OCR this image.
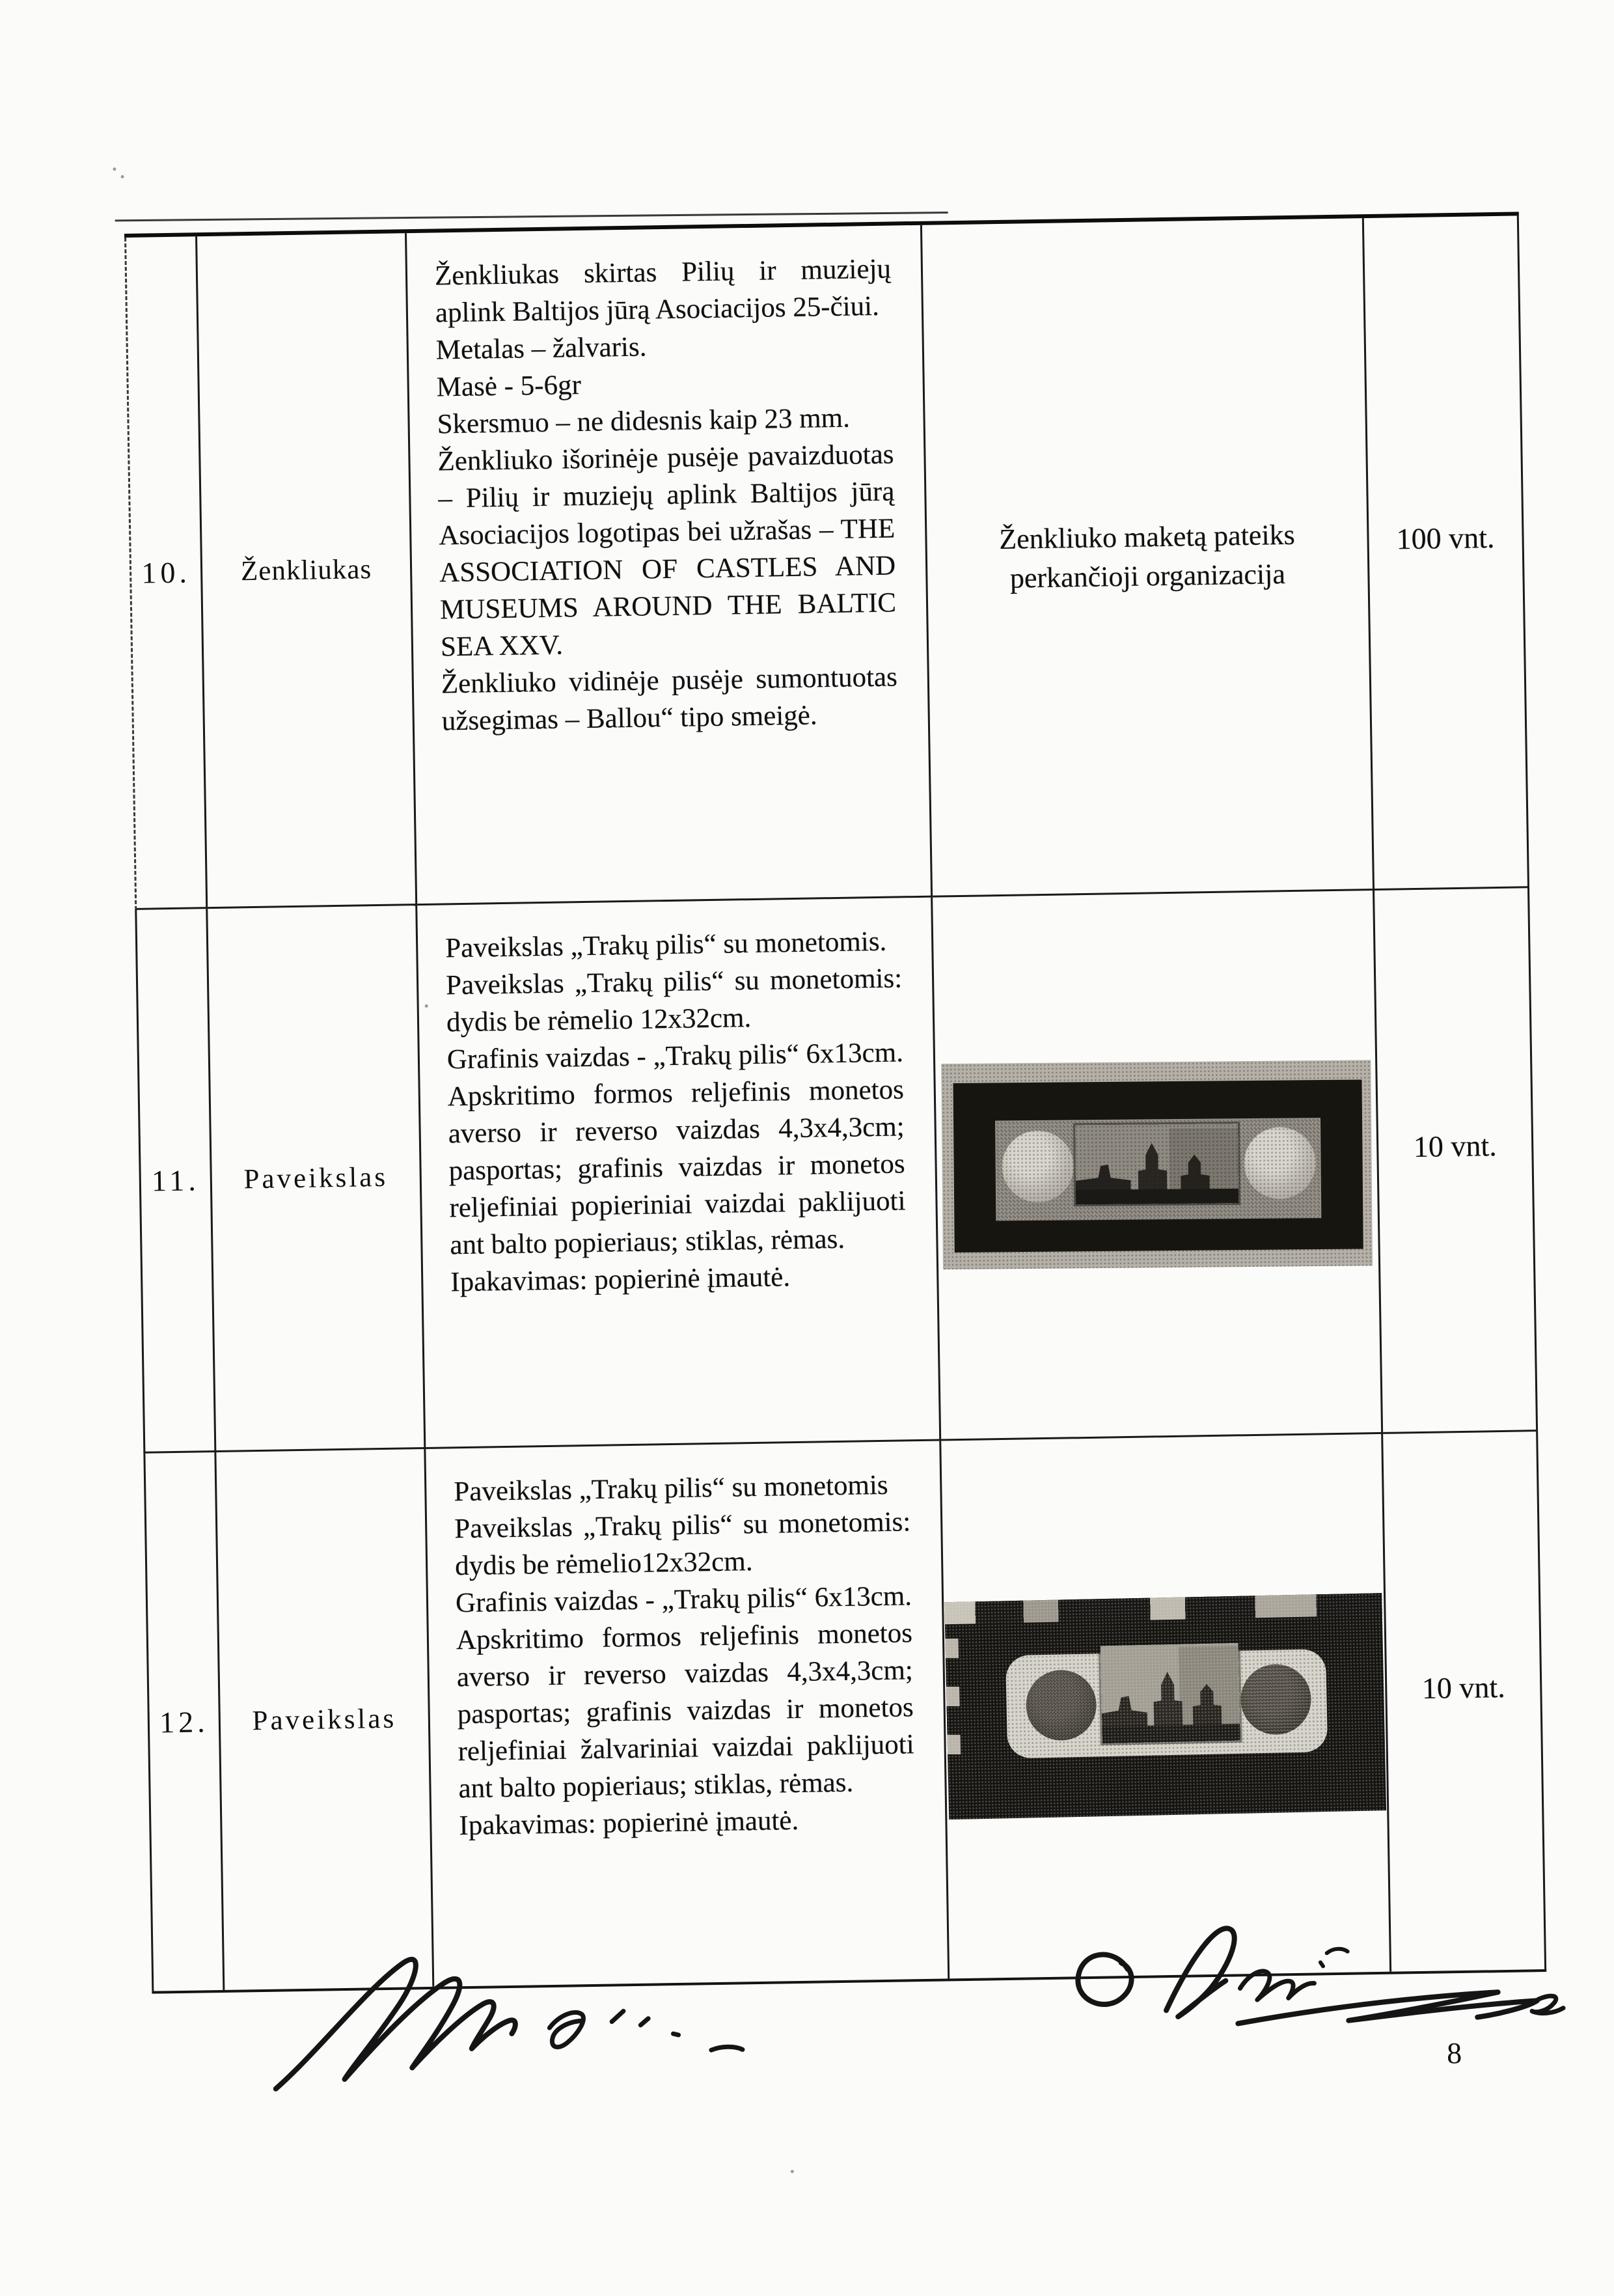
10. Ženkliukas

Ženkliukas skirtas Pilių ir muziejų aplink Baltijos jūrą Asociacijos 25-čiui.

Metalas – žalvaris.

Masė - 5-6gr

Skersmuo – ne didesnis kaip 23 mm.

Ženkliuko išorinėje pusėje pavaizduotas – Pilių ir muziejų aplink Baltijos jūrą Asociacijos logotipas bei užrašas – THE ASSOCIATION OF CASTLES AND MUSEUMS AROUND THE BALTIC SEA XXV.

Ženkliuko vidinėje pusėje sumontuotas užsegimas – Ballou“ tipo smeigė.

Ženkliuko maketą pateiks perkančioji organizacija
100 vnt.
11. Paveikslas

Paveikslas „Trakų pilis“ su monetomis.

Paveikslas „Trakų pilis“ su monetomis: dydis be rėmelio 12x32cm.

Grafinis vaizdas - „Trakų pilis“ 6x13cm. Apskritimo formos reljefinis monetos averso ir reverso vaizdas 4,3x4,3cm; pasportas; grafinis vaizdas ir monetos reljefiniai popieriniai vaizdai paklijuoti ant balto popieriaus; stiklas, rėmas.

Ipakavimas: popierinė įmautė.

10 vnt.
12. Paveikslas

Paveikslas „Trakų pilis“ su monetomis

Paveikslas „Trakų pilis“ su monetomis: dydis be rėmelio12x32cm.

Grafinis vaizdas - „Trakų pilis“ 6x13cm. Apskritimo formos reljefinis monetos averso ir reverso vaizdas 4,3x4,3cm; pasportas; grafinis vaizdas ir monetos reljefiniai žalvariniai vaizdai paklijuoti ant balto popieriaus; stiklas, rėmas.

Ipakavimas: popierinė įmautė.

10 vnt.
8
